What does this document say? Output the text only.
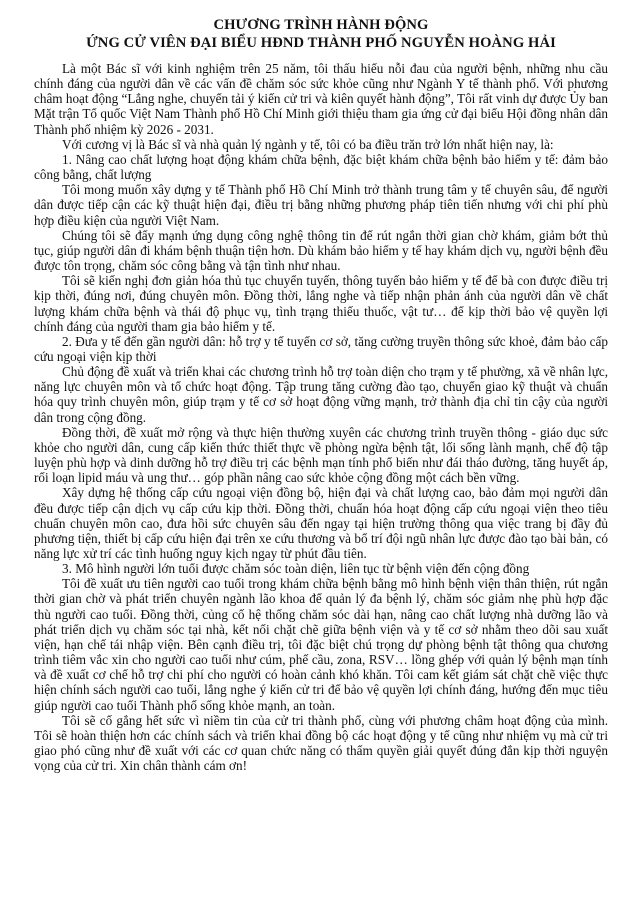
CHƯƠNG TRÌNH HÀNH ĐỘNG
ỨNG CỬ VIÊN ĐẠI BIỂU HĐND THÀNH PHỐ NGUYỄN HOÀNG HẢI

Là một Bác sĩ với kinh nghiệm trên 25 năm, tôi thấu hiểu nỗi đau của người bệnh, những nhu cầu chính đáng của người dân về các vấn đề chăm sóc sức khỏe cũng như Ngành Y tế thành phố. Với phương châm hoạt động “Lắng nghe, chuyển tải ý kiến cử tri và kiên quyết hành động”, Tôi rất vinh dự được Ủy ban Mặt trận Tổ quốc Việt Nam Thành phố Hồ Chí Minh giới thiệu tham gia ứng cử đại biểu Hội đồng nhân dân Thành phố nhiệm kỳ 2026 - 2031.

Với cương vị là Bác sĩ và nhà quản lý ngành y tế, tôi có ba điều trăn trở lớn nhất hiện nay, là:

1. Nâng cao chất lượng hoạt động khám chữa bệnh, đặc biệt khám chữa bệnh bảo hiểm y tế: đảm bảo công bằng, chất lượng

Tôi mong muốn xây dựng y tế Thành phố Hồ Chí Minh trở thành trung tâm y tế chuyên sâu, để người dân được tiếp cận các kỹ thuật hiện đại, điều trị bằng những phương pháp tiên tiến nhưng với chi phí phù hợp điều kiện của người Việt Nam.

Chúng tôi sẽ đẩy mạnh ứng dụng công nghệ thông tin để rút ngắn thời gian chờ khám, giảm bớt thủ tục, giúp người dân đi khám bệnh thuận tiện hơn. Dù khám bảo hiểm y tế hay khám dịch vụ, người bệnh đều được tôn trọng, chăm sóc công bằng và tận tình như nhau.

Tôi sẽ kiến nghị đơn giản hóa thủ tục chuyển tuyến, thông tuyến bảo hiểm y tế để bà con được điều trị kịp thời, đúng nơi, đúng chuyên môn. Đồng thời, lắng nghe và tiếp nhận phản ánh của người dân về chất lượng khám chữa bệnh và thái độ phục vụ, tình trạng thiếu thuốc, vật tư… để kịp thời bảo vệ quyền lợi chính đáng của người tham gia bảo hiểm y tế.

2. Đưa y tế đến gần người dân: hỗ trợ y tế tuyến cơ sở, tăng cường truyền thông sức khoẻ, đảm bảo cấp cứu ngoại viện kịp thời

Chủ động đề xuất và triển khai các chương trình hỗ trợ toàn diện cho trạm y tế phường, xã về nhân lực, năng lực chuyên môn và tổ chức hoạt động. Tập trung tăng cường đào tạo, chuyển giao kỹ thuật và chuẩn hóa quy trình chuyên môn, giúp trạm y tế cơ sở hoạt động vững mạnh, trở thành địa chỉ tin cậy của người dân trong cộng đồng.

Đồng thời, đề xuất mở rộng và thực hiện thường xuyên các chương trình truyền thông - giáo dục sức khỏe cho người dân, cung cấp kiến thức thiết thực về phòng ngừa bệnh tật, lối sống lành mạnh, chế độ tập luyện phù hợp và dinh dưỡng hỗ trợ điều trị các bệnh mạn tính phổ biến như đái tháo đường, tăng huyết áp, rối loạn lipid máu và ung thư… góp phần nâng cao sức khỏe cộng đồng một cách bền vững.

Xây dựng hệ thống cấp cứu ngoại viện đồng bộ, hiện đại và chất lượng cao, bảo đảm mọi người dân đều được tiếp cận dịch vụ cấp cứu kịp thời. Đồng thời, chuẩn hóa hoạt động cấp cứu ngoại viện theo tiêu chuẩn chuyên môn cao, đưa hồi sức chuyên sâu đến ngay tại hiện trường thông qua việc trang bị đầy đủ phương tiện, thiết bị cấp cứu hiện đại trên xe cứu thương và bổ trí đội ngũ nhân lực được đào tạo bài bản, có năng lực xử trí các tình huống nguy kịch ngay từ phút đầu tiên.

3. Mô hình người lớn tuổi được chăm sóc toàn diện, liên tục từ bệnh viện đến cộng đồng

Tôi đề xuất ưu tiên người cao tuổi trong khám chữa bệnh bằng mô hình bệnh viện thân thiện, rút ngắn thời gian chờ và phát triển chuyên ngành lão khoa để quản lý đa bệnh lý, chăm sóc giảm nhẹ phù hợp đặc thù người cao tuổi. Đồng thời, củng cố hệ thống chăm sóc dài hạn, nâng cao chất lượng nhà dưỡng lão và phát triển dịch vụ chăm sóc tại nhà, kết nối chặt chẽ giữa bệnh viện và y tế cơ sở nhằm theo dõi sau xuất viện, hạn chế tái nhập viện. Bên cạnh điều trị, tôi đặc biệt chú trọng dự phòng bệnh tật thông qua chương trình tiêm vắc xin cho người cao tuổi như cúm, phế cầu, zona, RSV… lồng ghép với quản lý bệnh mạn tính và đề xuất cơ chế hỗ trợ chi phí cho người có hoàn cảnh khó khăn. Tôi cam kết giám sát chặt chẽ việc thực hiện chính sách người cao tuổi, lắng nghe ý kiến cử tri để bảo vệ quyền lợi chính đáng, hướng đến mục tiêu giúp người cao tuổi Thành phố sống khỏe mạnh, an toàn.

Tôi sẽ cố gắng hết sức vì niềm tin của cử tri thành phố, cùng với phương châm hoạt động của mình. Tôi sẽ hoàn thiện hơn các chính sách và triển khai đồng bộ các hoạt động y tế cũng như nhiệm vụ mà cử tri giao phó cũng như đề xuất với các cơ quan chức năng có thẩm quyền giải quyết đúng đắn kịp thời nguyện vọng của cử tri. Xin chân thành cám ơn!
